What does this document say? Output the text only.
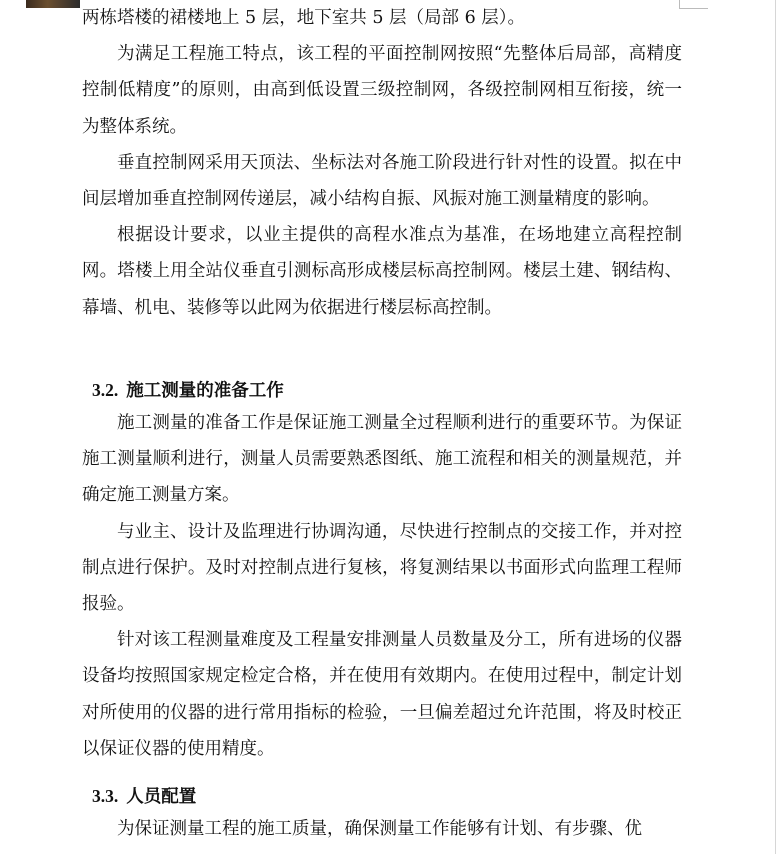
两栋塔楼的裙楼地上 5 层，地下室共 5 层（局部 6 层）。

为满足工程施工特点，该工程的平面控制网按照“先整体后局部，高精度控制低精度”的原则，由高到低设置三级控制网，各级控制网相互衔接，统一为整体系统。

垂直控制网采用天顶法、坐标法对各施工阶段进行针对性的设置。拟在中间层增加垂直控制网传递层，减小结构自振、风振对施工测量精度的影响。

根据设计要求，以业主提供的高程水准点为基准，在场地建立高程控制网。塔楼上用全站仪垂直引测标高形成楼层标高控制网。楼层土建、钢结构、幕墙、机电、装修等以此网为依据进行楼层标高控制。

3.2. 施工测量的准备工作

施工测量的准备工作是保证施工测量全过程顺利进行的重要环节。为保证施工测量顺利进行，测量人员需要熟悉图纸、施工流程和相关的测量规范，并确定施工测量方案。

与业主、设计及监理进行协调沟通，尽快进行控制点的交接工作，并对控制点进行保护。及时对控制点进行复核，将复测结果以书面形式向监理工程师报验。

针对该工程测量难度及工程量安排测量人员数量及分工，所有进场的仪器设备均按照国家规定检定合格，并在使用有效期内。在使用过程中，制定计划对所使用的仪器的进行常用指标的检验，一旦偏差超过允许范围，将及时校正以保证仪器的使用精度。

3.3. 人员配置

为保证测量工程的施工质量，确保测量工作能够有计划、有步骤、优
